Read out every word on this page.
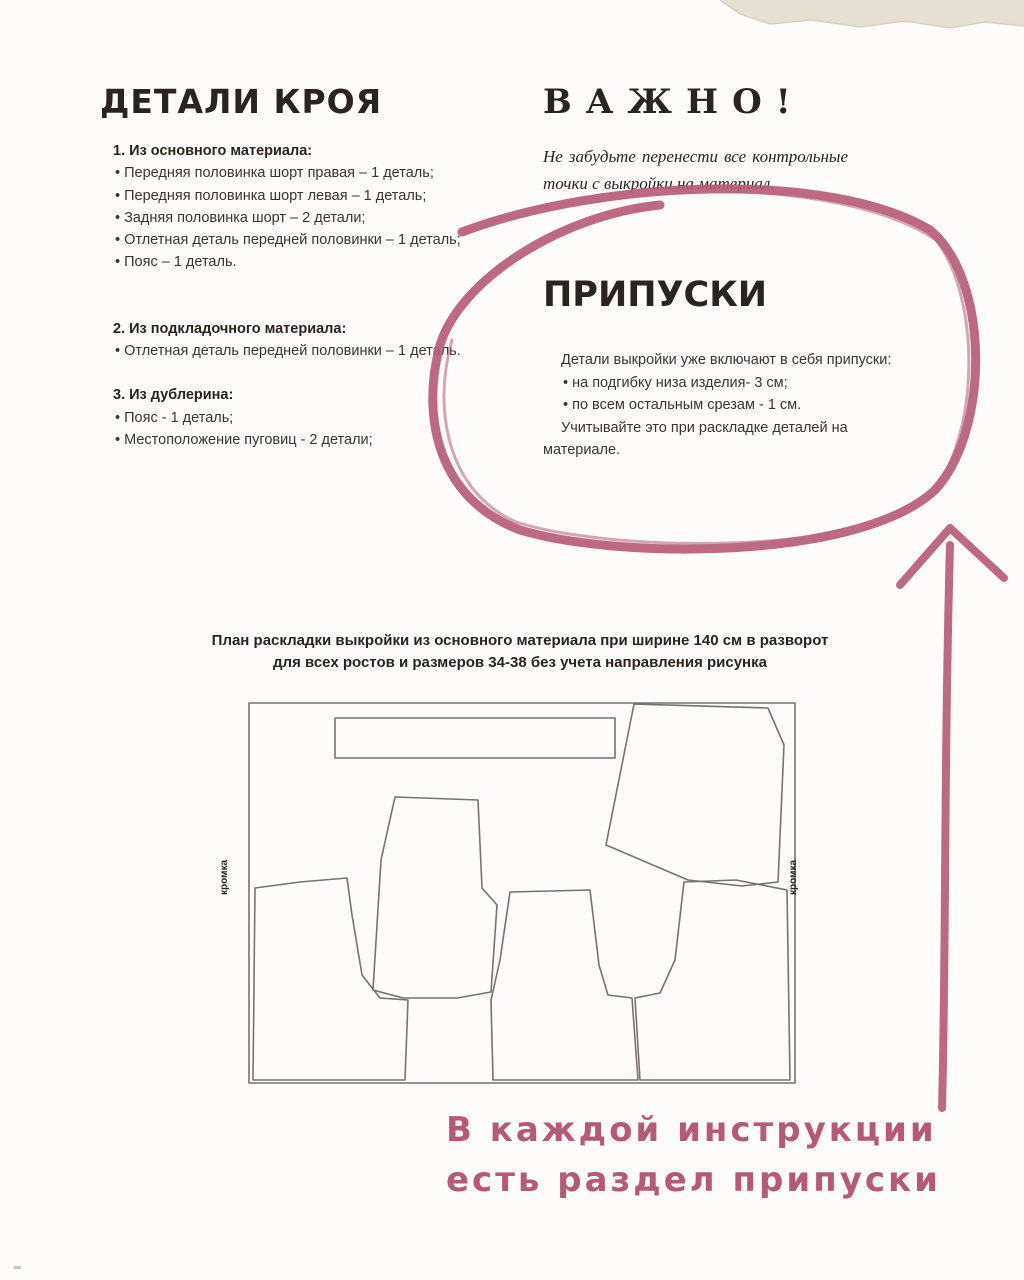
ДЕТАЛИ КРОЯ

1. Из основного материала:

• Передняя половинка шорт правая – 1 деталь;

• Передняя половинка шорт левая – 1 деталь;

• Задняя половинка шорт – 2 детали;

• Отлетная деталь передней половинки – 1 деталь;

• Пояс – 1 деталь.

2. Из подкладочного материала:

• Отлетная деталь передней половинки – 1 деталь.

3. Из дублерина:

• Пояс - 1 деталь;

• Местоположение пуговиц - 2 детали;

ВАЖНО!

Не забудьте перенести все контрольные точки с выкройки на материал.

ПРИПУСКИ

Детали выкройки уже включают в себя припуски:

• на подгибку низа изделия- 3 см;

• по всем остальным срезам - 1 см.

Учитывайте это при раскладке деталей на материале.

План раскладки выкройки из основного материала при ширине 140 см в разворот
для всех ростов и размеров 34-38 без учета направления рисунка

кромка	кромка

В каждой инструкции
есть раздел припуски

‗
